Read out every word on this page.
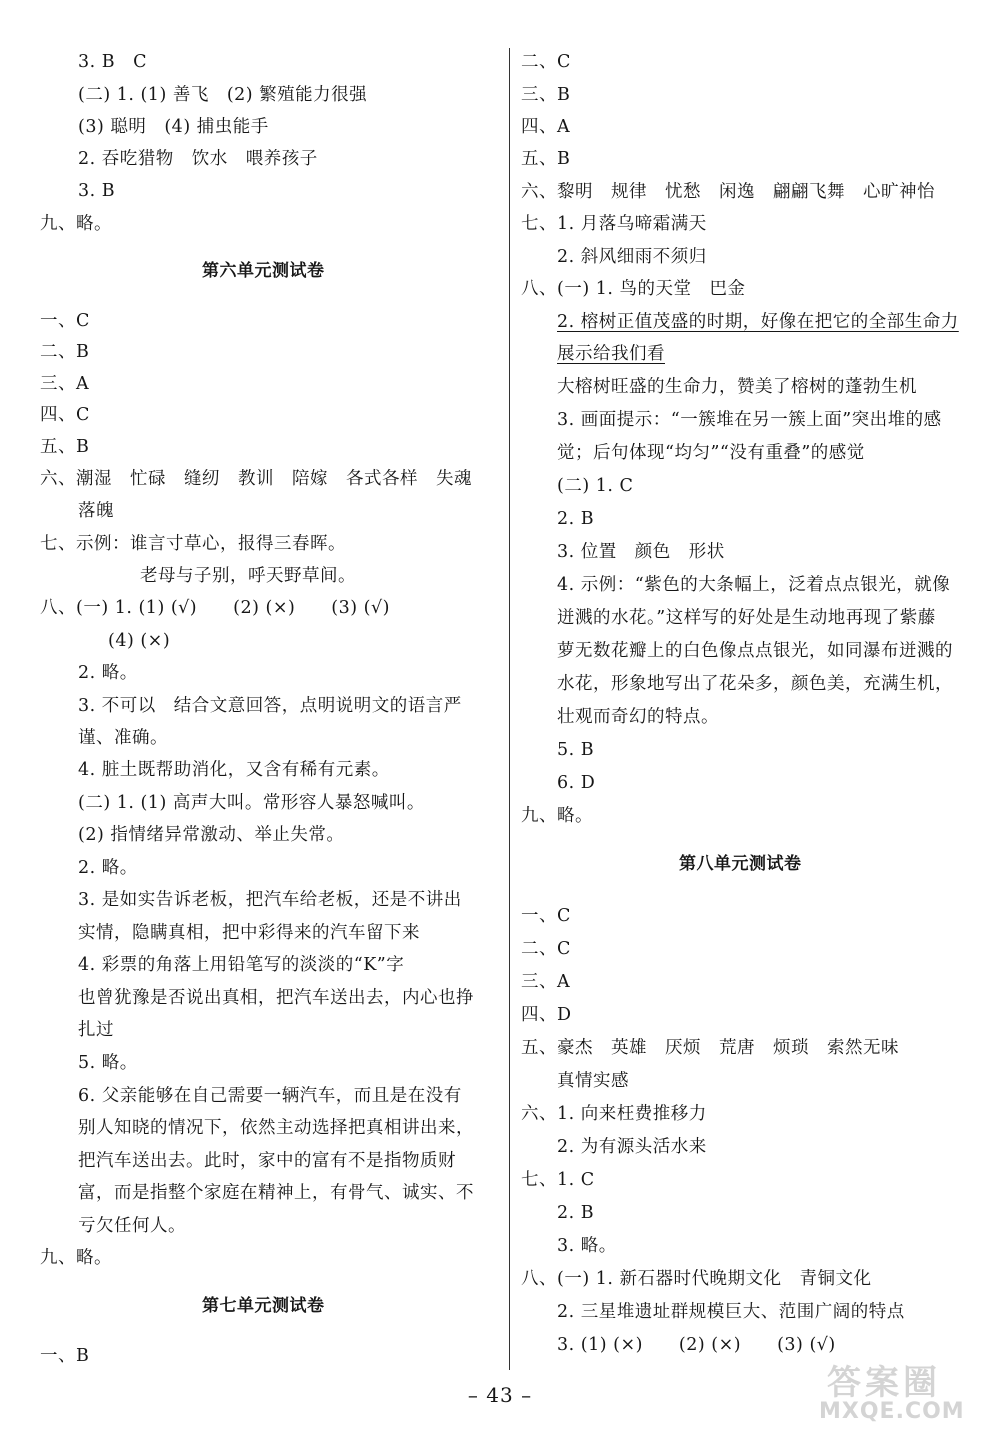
3. B　C
(二) 1. (1) 善飞　(2) 繁殖能力很强
(3) 聪明　(4) 捕虫能手
2. 吞吃猎物　饮水　喂养孩子
3. B
九、略。
第六单元测试卷
一、C
二、B
三、A
四、C
五、B
六、潮湿　忙碌　缝纫　教训　陪嫁　各式各样　失魂
落魄
七、示例：谁言寸草心，报得三春晖。
老母与子别，呼天野草间。
八、(一) 1. (1) (√)　　(2) (×)　　(3) (√)
(4) (×)
2. 略。
3. 不可以　结合文意回答，点明说明文的语言严
谨、准确。
4. 脏土既帮助消化，又含有稀有元素。
(二) 1. (1) 高声大叫。常形容人暴怒喊叫。
(2) 指情绪异常激动、举止失常。
2. 略。
3. 是如实告诉老板，把汽车给老板，还是不讲出
实情，隐瞒真相，把中彩得来的汽车留下来
4. 彩票的角落上用铅笔写的淡淡的“K”字
也曾犹豫是否说出真相，把汽车送出去，内心也挣
扎过
5. 略。
6. 父亲能够在自己需要一辆汽车，而且是在没有
别人知晓的情况下，依然主动选择把真相讲出来，
把汽车送出去。此时，家中的富有不是指物质财
富，而是指整个家庭在精神上，有骨气、诚实、不
亏欠任何人。
九、略。
第七单元测试卷
一、B
二、C
三、B
四、A
五、B
六、黎明　规律　忧愁　闲逸　翩翩飞舞　心旷神怡
七、1. 月落乌啼霜满天
2. 斜风细雨不须归
八、(一) 1. 鸟的天堂　巴金
2. 榕树正值茂盛的时期，好像在把它的全部生命力
展示给我们看
大榕树旺盛的生命力，赞美了榕树的蓬勃生机
3. 画面提示：“一簇堆在另一簇上面”突出堆的感
觉；后句体现“均匀”“没有重叠”的感觉
(二) 1. C
2. B
3. 位置　颜色　形状
4. 示例：“紫色的大条幅上，泛着点点银光，就像
迸溅的水花。”这样写的好处是生动地再现了紫藤
萝无数花瓣上的白色像点点银光，如同瀑布迸溅的
水花，形象地写出了花朵多，颜色美，充满生机，
壮观而奇幻的特点。
5. B
6. D
九、略。
第八单元测试卷
一、C
二、C
三、A
四、D
五、豪杰　英雄　厌烦　荒唐　烦琐　索然无味
真情实感
六、1. 向来枉费推移力
2. 为有源头活水来
七、1. C
2. B
3. 略。
八、(一) 1. 新石器时代晚期文化　青铜文化
2. 三星堆遗址群规模巨大、范围广阔的特点
3. (1) (×)　　(2) (×)　　(3) (√)
– 43 –	答案圈
MXQE.COM
